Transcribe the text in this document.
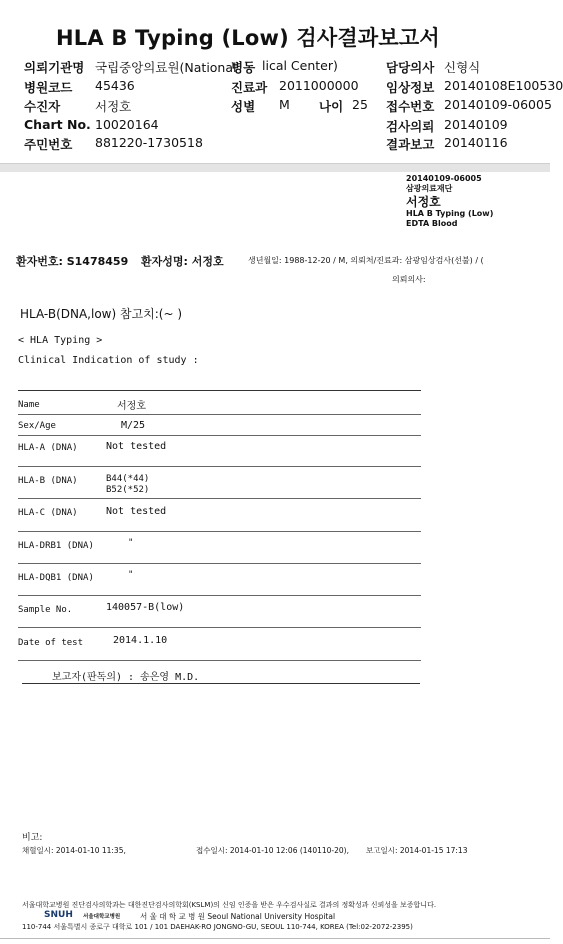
HLA B Typing (Low) 검사결과보고서
의뢰기관명 국립중앙의료원(National
병원코드 45436
수진자	서정호
Chart No. 10020164
주민번호 881220-1730518
병동 lical Center)
진료과 2011000000
성별 M 나이 25
담당의사 신형식
임상정보 20140108E100530
접수번호 20140109-06005
검사의뢰 20140109
결과보고 20140116
20140109-06005
삼광의료재단
서정호
HLA B Typing (Low)
EDTA Blood
환자번호: S1478459 환자성명: 서정호	생년월일: 1988-12-20 / M, 의뢰처/진료과: 삼광임상검사(선불) / (
의뢰의사:
HLA-B(DNA,low) 참고치:(~ )
< HLA Typing >
Clinical Indication of study :
Name	서정호
Sex/Age	M/25
HLA-A (DNA)	Not tested
HLA-B (DNA)	B44(*44)
B52(*52)
HLA-C (DNA)	Not tested
HLA-DRB1 (DNA)	"
HLA-DQB1 (DNA)	"
Sample No.	140057-B(low)
Date of test	2014.1.10
보고자(판독의) : 송은영 M.D.
비고:
채혈일시: 2014-01-10 11:35,	접수일시: 2014-01-10 12:06 (140110-20), 보고일시: 2014-01-15 17:13
서울대학교병원 진단검사의학과는 대한진단검사의학회(KSLM)의 신임 인증을 받은 우수검사실로 결과의 정확성과 신뢰성을 보증합니다.
SNUH 서울대학교병원	서 울 대 학 교 병 원 Seoul National University Hospital
110-744 서울특별시 종로구 대학로 101 / 101 DAEHAK-RO JONGNO-GU, SEOUL 110-744, KOREA (Tel:02-2072-2395)
